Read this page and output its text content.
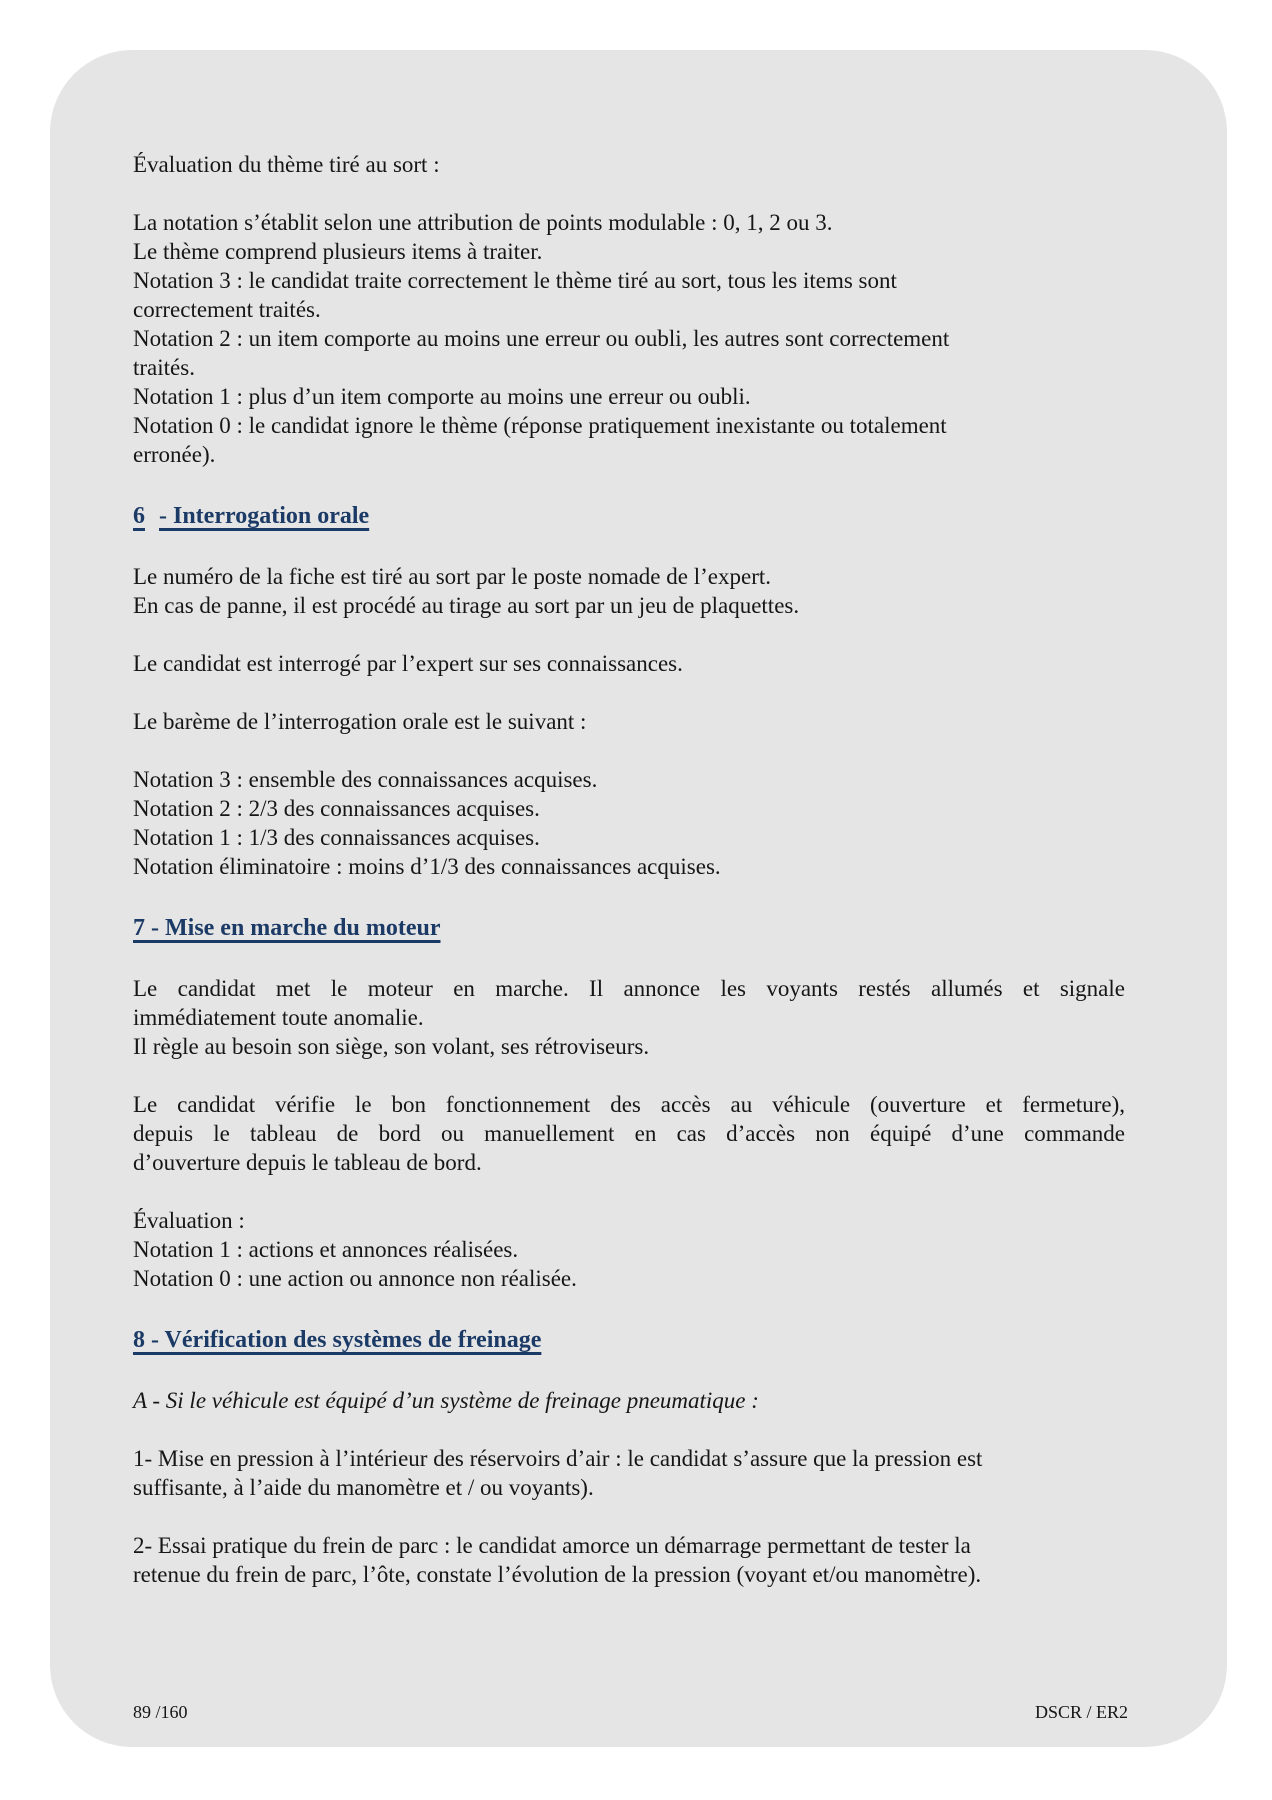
Évaluation du thème tiré au sort :
La notation s’établit selon une attribution de points modulable : 0, 1, 2 ou 3.
Le thème comprend plusieurs items à traiter.
Notation 3 : le candidat traite correctement le thème tiré au sort, tous les items sont
correctement traités.
Notation 2 : un item comporte au moins une erreur ou oubli, les autres sont correctement
traités.
Notation 1 : plus d’un item comporte au moins une erreur ou oubli.
Notation 0 : le candidat ignore le thème (réponse pratiquement inexistante ou totalement
erronée).
6 - Interrogation orale
Le numéro de la fiche est tiré au sort par le poste nomade de l’expert.
En cas de panne, il est procédé au tirage au sort par un jeu de plaquettes.
Le candidat est interrogé par l’expert sur ses connaissances.
Le barème de l’interrogation orale est le suivant :
Notation 3 : ensemble des connaissances acquises.
Notation 2 : 2/3 des connaissances acquises.
Notation 1 : 1/3 des connaissances acquises.
Notation éliminatoire : moins d’1/3 des connaissances acquises.
7 - Mise en marche du moteur
Le candidat met le moteur en marche. Il annonce les voyants restés allumés et signale
immédiatement toute anomalie.
Il règle au besoin son siège, son volant, ses rétroviseurs.
Le candidat vérifie le bon fonctionnement des accès au véhicule (ouverture et fermeture),
depuis le tableau de bord ou manuellement en cas d’accès non équipé d’une commande
d’ouverture depuis le tableau de bord.
Évaluation :
Notation 1 : actions et annonces réalisées.
Notation 0 : une action ou annonce non réalisée.
8 - Vérification des systèmes de freinage
A - Si le véhicule est équipé d’un système de freinage pneumatique :
1- Mise en pression à l’intérieur des réservoirs d’air : le candidat s’assure que la pression est
suffisante, à l’aide du manomètre et / ou voyants).
2- Essai pratique du frein de parc : le candidat amorce un démarrage permettant de tester la
retenue du frein de parc, l’ôte, constate l’évolution de la pression (voyant et/ou manomètre).
89 /160	DSCR / ER2
